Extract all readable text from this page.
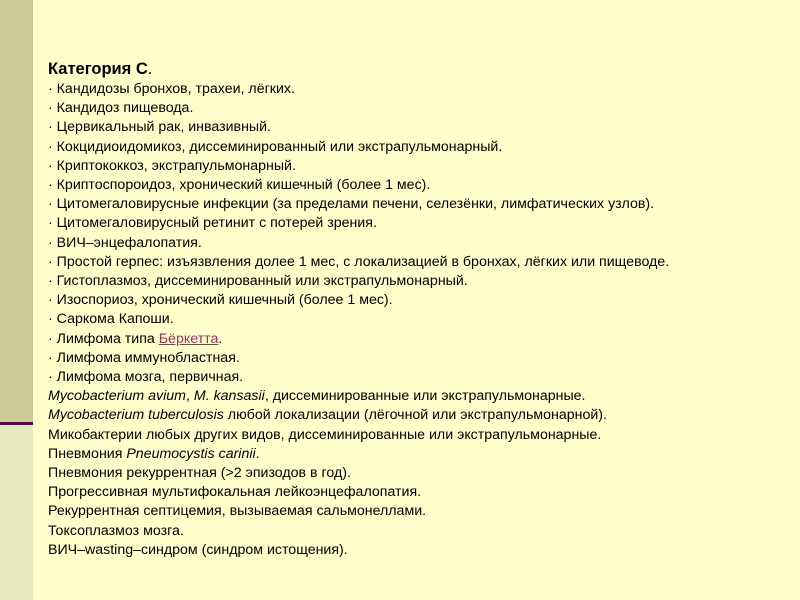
Категория С.
· Кандидозы бронхов, трахеи, лёгких.
· Кандидоз пищевода.
· Цервикальный рак, инвазивный.
· Кокцидиоидомикоз, диссеминированный или экстрапульмонарный.
· Криптококкоз, экстрапульмонарный.
· Криптоспороидоз, хронический кишечный (более 1 мес).
· Цитомегаловирусные инфекции (за пределами печени, селезёнки, лимфатических узлов).
· Цитомегаловирусный ретинит с потерей зрения.
· ВИЧ–энцефалопатия.
· Простой герпес: изъязвления долее 1 мес, с локализацией в бронхах, лёгких или пищеводе.
· Гистоплазмоз, диссеминированный или экстрапульмонарный.
· Изоспориоз, хронический кишечный (более 1 мес).
· Саркома Капоши.
· Лимфома типа Бёркетта.
· Лимфома иммунобластная.
· Лимфома мозга, первичная.
Mycobacterium avium, M. kansasii, диссеминированные или экстрапульмонарные.
Mycobacterium tuberculosis любой локализации (лёгочной или экстрапульмонарной).
Микобактерии любых других видов, диссеминированные или экстрапульмонарные.
Пневмония Pneumocystis carinii.
Пневмония рекуррентная (>2 эпизодов в год).
Прогрессивная мультифокальная лейкоэнцефалопатия.
Рекуррентная септицемия, вызываемая сальмонеллами.
Токсоплазмоз мозга.
ВИЧ–wasting–синдром (синдром истощения).
